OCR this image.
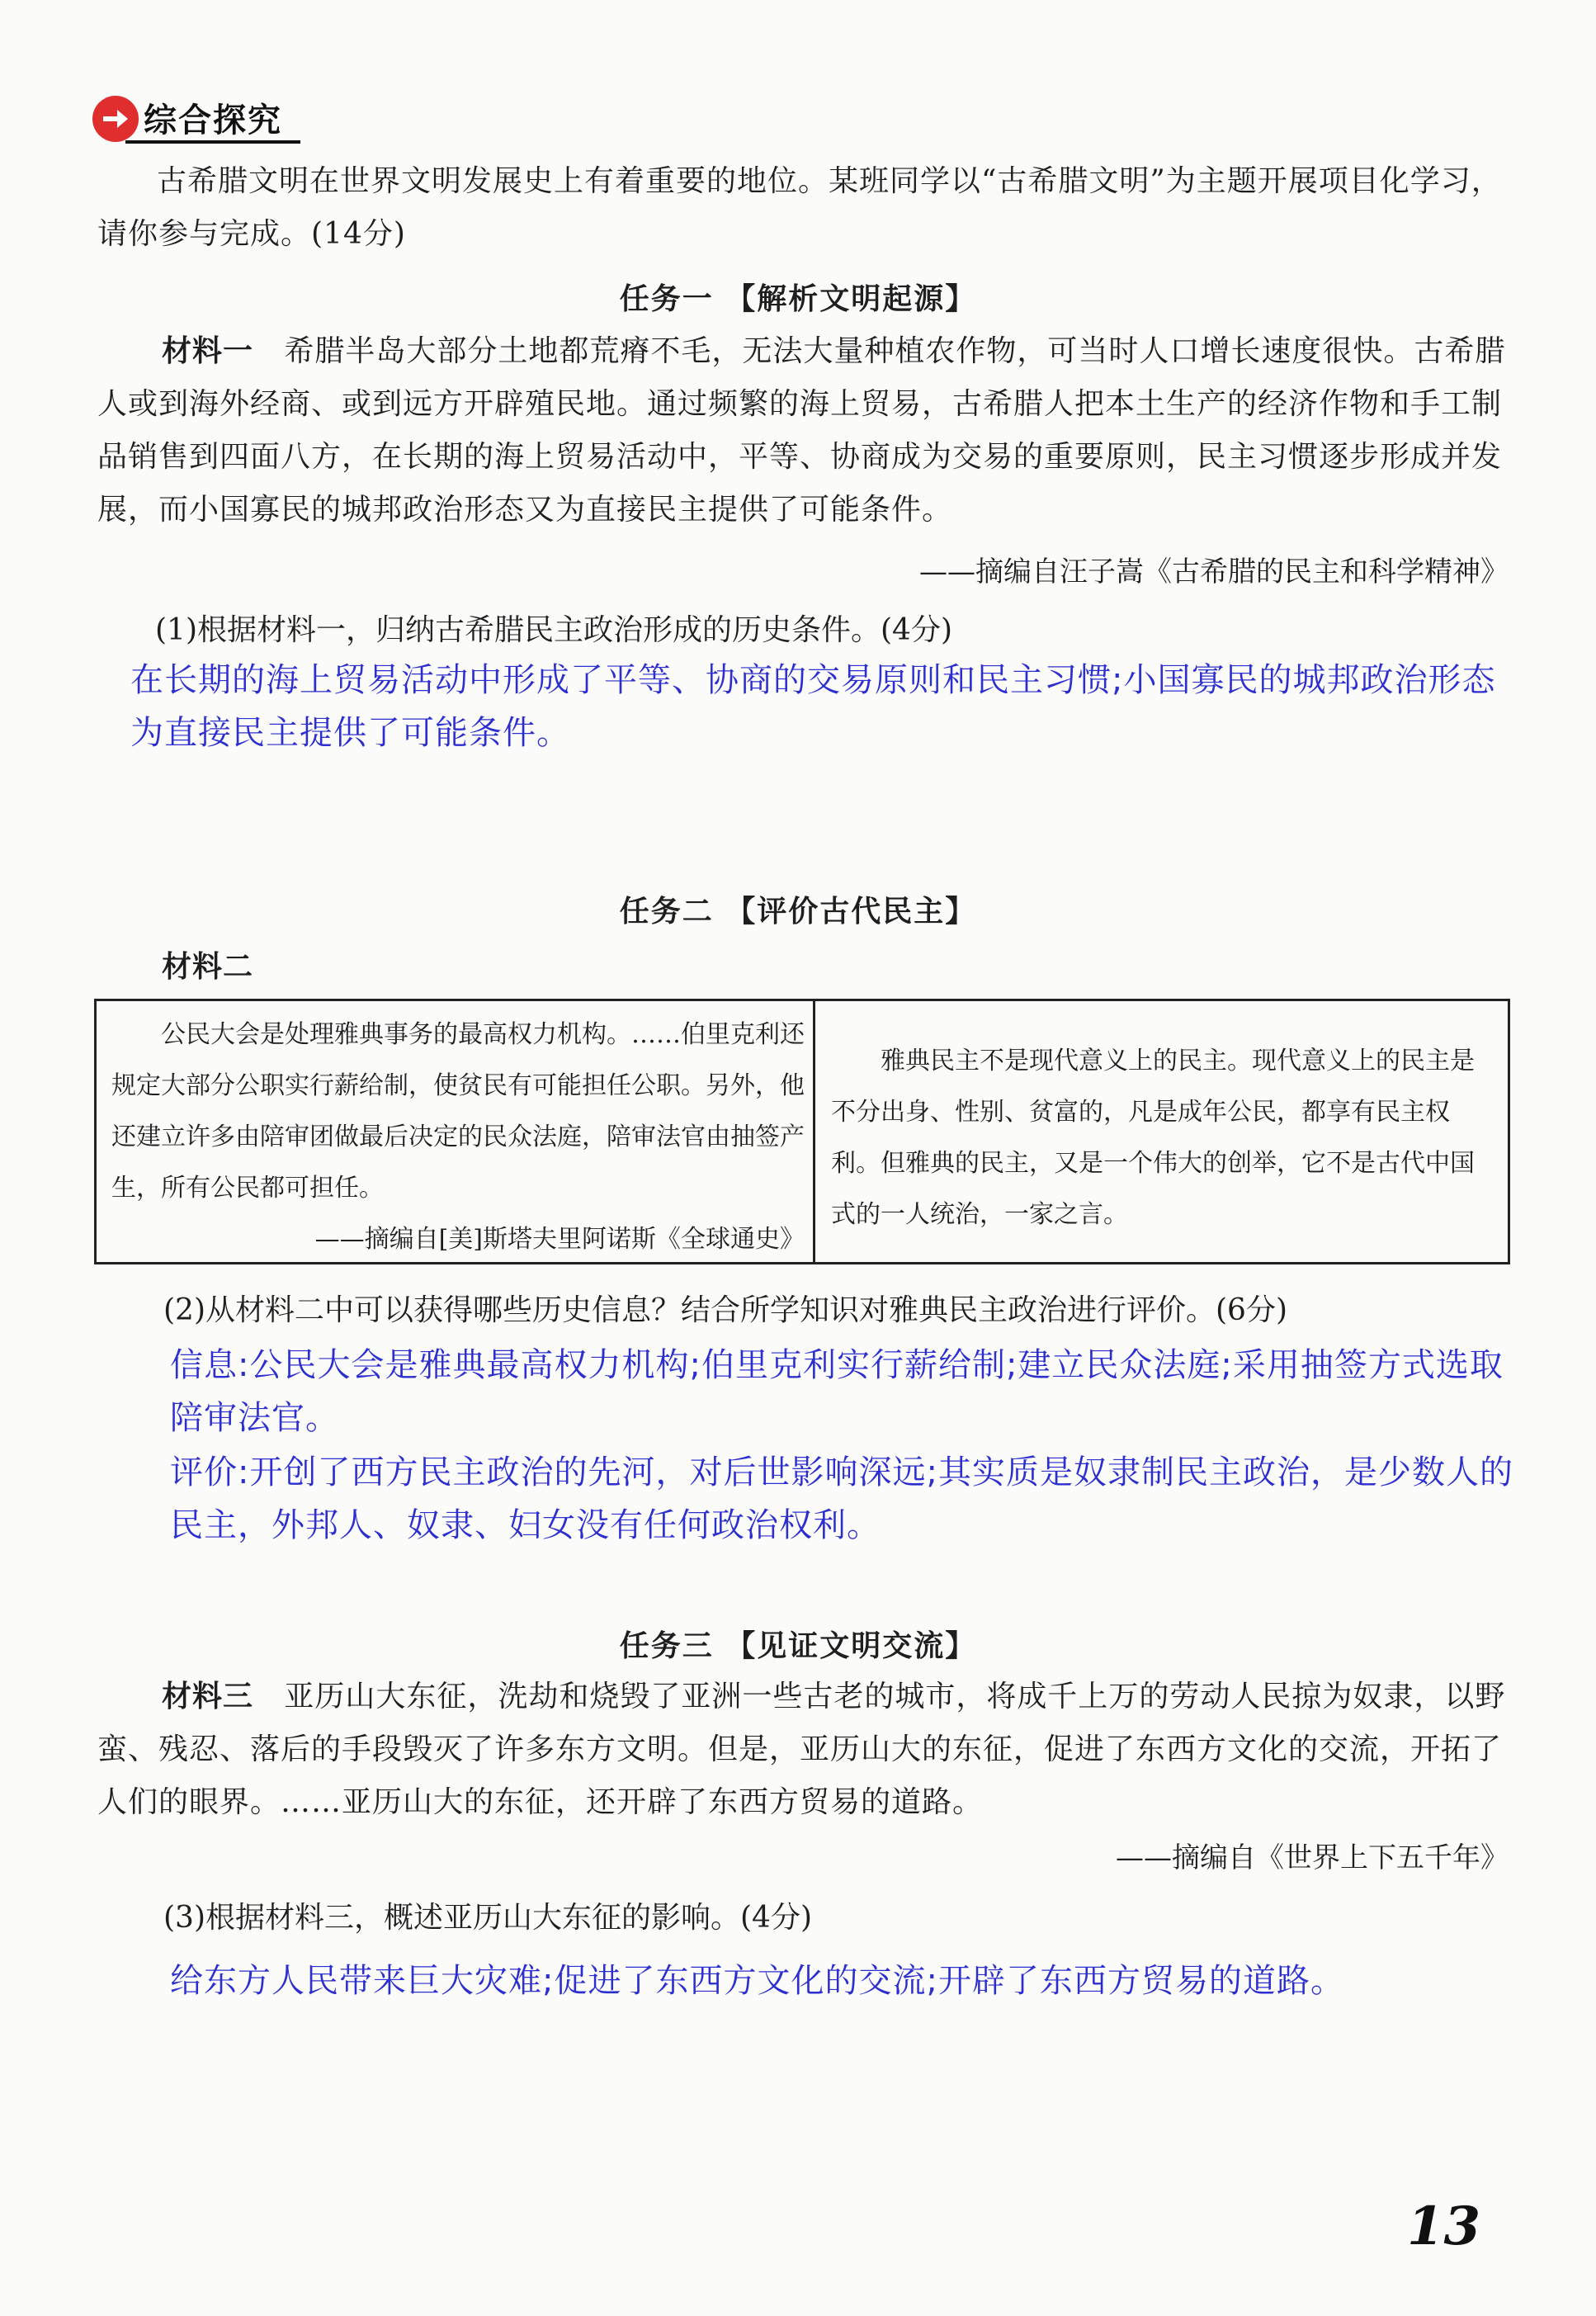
综合探究
古希腊文明在世界文明发展史上有着重要的地位。某班同学以“古希腊文明”为主题开展项目化学习，请你参与完成。(14分)
任务一 【解析文明起源】
材料一 希腊半岛大部分土地都荒瘠不毛，无法大量种植农作物，可当时人口增长速度很快。古希腊人或到海外经商、或到远方开辟殖民地。通过频繁的海上贸易，古希腊人把本土生产的经济作物和手工制品销售到四面八方，在长期的海上贸易活动中，平等、协商成为交易的重要原则，民主习惯逐步形成并发展，而小国寡民的城邦政治形态又为直接民主提供了可能条件。
——摘编自汪子嵩《古希腊的民主和科学精神》
(1)根据材料一，归纳古希腊民主政治形成的历史条件。(4分)
在长期的海上贸易活动中形成了平等、协商的交易原则和民主习惯;小国寡民的城邦政治形态为直接民主提供了可能条件。
任务二 【评价古代民主】
材料二
公民大会是处理雅典事务的最高权力机构。……伯里克利还规定大部分公职实行薪给制，使贫民有可能担任公职。另外，他还建立许多由陪审团做最后决定的民众法庭，陪审法官由抽签产生，所有公民都可担任。
——摘编自[美]斯塔夫里阿诺斯《全球通史》
雅典民主不是现代意义上的民主。现代意义上的民主是不分出身、性别、贫富的，凡是成年公民，都享有民主权利。但雅典的民主，又是一个伟大的创举，它不是古代中国式的一人统治，一家之言。
(2)从材料二中可以获得哪些历史信息？结合所学知识对雅典民主政治进行评价。(6分)
信息:公民大会是雅典最高权力机构;伯里克利实行薪给制;建立民众法庭;采用抽签方式选取陪审法官。
评价:开创了西方民主政治的先河，对后世影响深远;其实质是奴隶制民主政治，是少数人的民主，外邦人、奴隶、妇女没有任何政治权利。
任务三 【见证文明交流】
材料三 亚历山大东征，洗劫和烧毁了亚洲一些古老的城市，将成千上万的劳动人民掠为奴隶，以野蛮、残忍、落后的手段毁灭了许多东方文明。但是，亚历山大的东征，促进了东西方文化的交流，开拓了人们的眼界。……亚历山大的东征，还开辟了东西方贸易的道路。
——摘编自《世界上下五千年》
(3)根据材料三，概述亚历山大东征的影响。(4分)
给东方人民带来巨大灾难;促进了东西方文化的交流;开辟了东西方贸易的道路。
13
